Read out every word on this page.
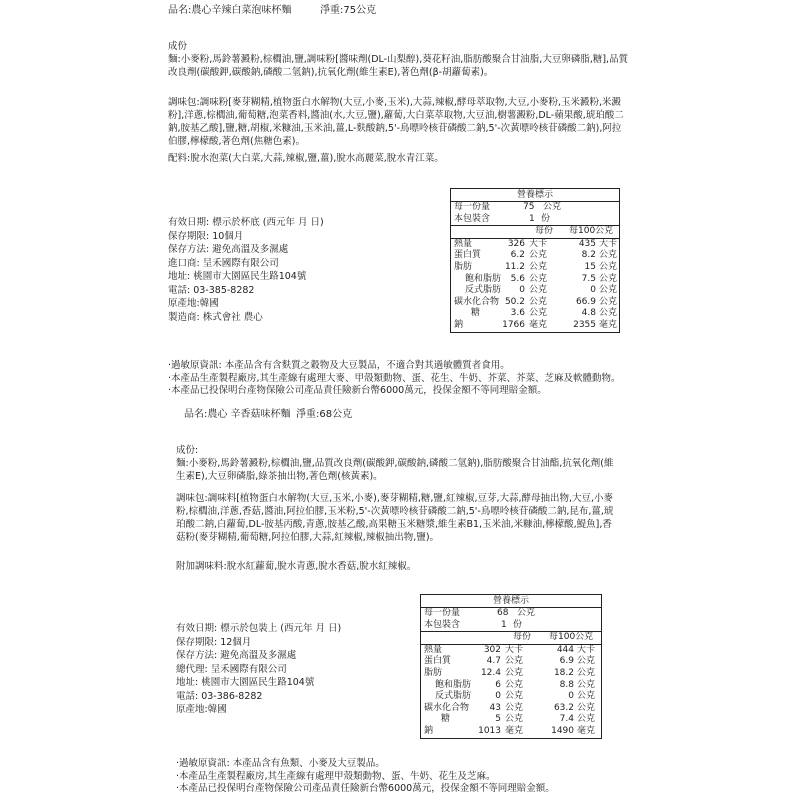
品名:農心辛辣白菜泡味杯麵	淨重:75公克
成份
麵:小麥粉,馬鈴薯澱粉,棕櫚油,鹽,調味粉[醬味劑(DL-山梨醇),葵花籽油,脂肪酸聚合甘油脂,大豆卵磷脂,糖],品質改良劑(碳酸鉀,碳酸鈉,磷酸二氫鈉),抗氧化劑(維生素E),著色劑(β-胡蘿蔔素)。
調味包:調味粉[麥芽糊精,植物蛋白水解物(大豆,小麥,玉米),大蒜,辣椒,酵母萃取物,大豆,小麥粉,玉米澱粉,米澱粉],洋蔥,棕櫚油,葡萄糖,泡菜香料,醬油(水,大豆,鹽),蘿蔔,大白菜萃取物,大豆油,樹薯澱粉,DL-蘋果酸,琥珀酸二鈉,胺基乙酸],鹽,糖,胡椒,米糠油,玉米油,薑,L-麩酸鈉,5'-鳥嘌呤核苷磷酸二鈉,5'-次黃嘌呤核苷磷酸二鈉),阿拉伯膠,檸檬酸,著色劑(焦糖色素)。
配料:脫水泡菜(大白菜,大蒜,辣椒,鹽,薑),脫水高麗菜,脫水青江菜。
有效日期: 標示於杯底 (西元年 月 日)
保存期限: 10個月
保存方法: 避免高溫及多濕處
進口商: 呈禾國際有限公司
地址: 桃園市大園區民生路104號
電話: 03-385-8282
原產地:韓國
製造商: 株式會社 農心
營養標示
每一份量	75 公克
本包裝含	1 份
每份 每100公克
熱量	326 大卡	435 大卡
蛋白質	6.2 公克	8.2 公克
脂肪	11.2 公克	15 公克
飽和脂肪 5.6 公克	7.5 公克
反式脂肪 0 公克	0 公克
碳水化合物 50.2 公克	66.9 公克
糖	3.6 公克	4.8 公克
鈉	1766 毫克	2355 毫克
·過敏原資訊: 本產品含有含麩質之穀物及大豆製品，不適合對其過敏體質者食用。
·本產品生產製程廠房,其生產線有處理大麥、甲殼類動物、蛋、花生、牛奶、芥菜、芥菜、芝麻及軟體動物。
·本產品已投保明台產物保險公司產品責任險新台幣6000萬元，投保金額不等同理賠金額。
品名:農心 辛香菇味杯麵 淨重:68公克
成份:
麵:小麥粉,馬鈴薯澱粉,棕櫚油,鹽,品質改良劑(碳酸鉀,碳酸鈉,磷酸二氫鈉),脂肪酸聚合甘油酯,抗氧化劑(維生素E),大豆卵磷脂,綠茶抽出物,著色劑(核黃素)。
調味包:調味料[植物蛋白水解物(大豆,玉米,小麥),麥芽糊精,糖,鹽,紅辣椒,豆芽,大蒜,酵母抽出物,大豆,小麥粉,棕櫚油,洋蔥,香菇,醬油,阿拉伯膠,玉米粉,5'-次黃嘌呤核苷磷酸二鈉,5'-鳥嘌呤核苷磷酸二鈉,昆布,薑,琥珀酸二鈉,白蘿蔔,DL-胺基丙酸,青蔥,胺基乙酸,高果糖玉米糖漿,維生素B1,玉米油,米糠油,檸檬酸,鯷魚],香菇粉(麥芽糊精,葡萄糖,阿拉伯膠,大蒜,紅辣椒,辣椒抽出物,鹽)。
附加調味料:脫水紅蘿蔔,脫水青蔥,脫水香菇,脫水紅辣椒。
有效日期: 標示於包裝上 (西元年 月 日)
保存期限: 12個月
保存方法: 避免高溫及多濕處
總代理: 呈禾國際有限公司
地址: 桃園市大園區民生路104號
電話: 03-386-8282
原產地:韓國
營養標示
每一份量	68 公克
本包裝含	1 份
每份 每100公克
熱量	302 大卡	444 大卡
蛋白質	4.7 公克	6.9 公克
脂肪	12.4 公克	18.2 公克
飽和脂肪	6 公克	8.8 公克
反式脂肪	0 公克	0 公克
碳水化合物 43 公克	63.2 公克
糖	5 公克	7.4 公克
鈉	1013 毫克	1490 毫克
·過敏原資訊: 本產品含有魚類、小麥及大豆製品。
·本產品生產製程廠房,其生產線有處理甲殼類動物、蛋、牛奶、花生及芝麻。
·本產品已投保明台產物保險公司產品責任險新台幣6000萬元，投保金額不等同理賠金額。
